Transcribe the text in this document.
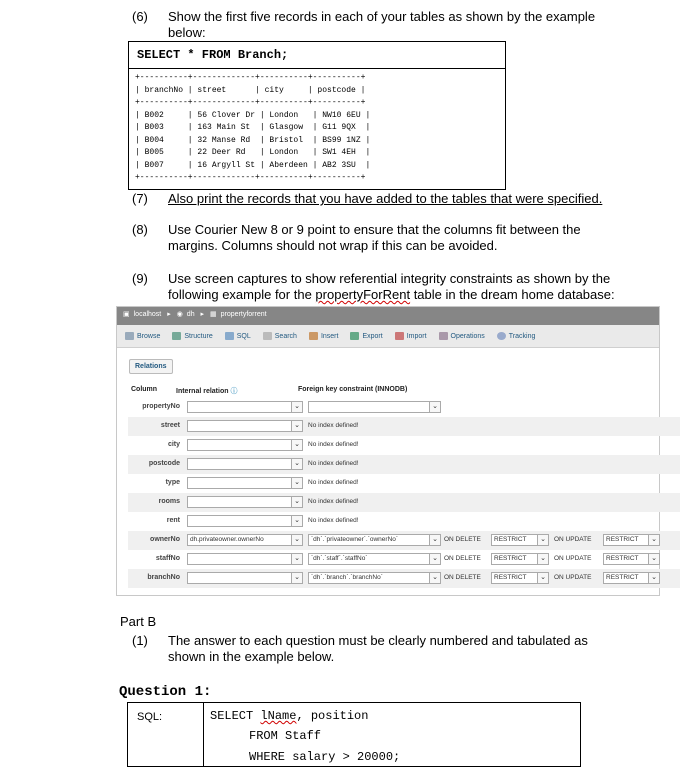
(6) Show the first five records in each of your tables as shown by the example
below:
SELECT * FROM Branch;
+----------+-------------+----------+----------+
| branchNo | street      | city     | postcode |
+----------+-------------+----------+----------+
| B002     | 56 Clover Dr | London   | NW10 6EU |
| B003     | 163 Main St  | Glasgow  | G11 9QX  |
| B004     | 32 Manse Rd  | Bristol  | BS99 1NZ |
| B005     | 22 Deer Rd   | London   | SW1 4EH  |
| B007     | 16 Argyll St | Aberdeen | AB2 3SU  |
+----------+-------------+----------+----------+
(7) Also print the records that you have added to the tables that were specified.
(8) Use Courier New 8 or 9 point to ensure that the columns fit between the
margins. Columns should not wrap if this can be avoided.
(9) Use screen captures to show referential integrity constraints as shown by the
following example for the propertyForRent table in the dream home database:
▣ localhost ▸ ◉ dh ▸ ▦ propertyforrent
Browse	Structure	SQL	Search	Insert	Export	Import	Operations	Tracking
Relations
Column	Internal relation ⓘ	Foreign key constraint (INNODB)
propertyNo	⌄	⌄
street	⌄	No index defined!
city	⌄	No index defined!
postcode	⌄	No index defined!
type	⌄	No index defined!
rooms	⌄	No index defined!
rent	⌄	No index defined!
ownerNo	dh.privateowner.ownerNo	⌄	`dh`.`privateowner`.`ownerNo`	⌄ ON DELETE	RESTRICT	⌄	ON UPDATE	RESTRICT	⌄
staffNo	⌄	`dh`.`staff`.`staffNo`	⌄ ON DELETE	RESTRICT	⌄	ON UPDATE	RESTRICT	⌄
branchNo	⌄	`dh`.`branch`.`branchNo`	⌄ ON DELETE	RESTRICT	⌄	ON UPDATE	RESTRICT	⌄
Part B
(1) The answer to each question must be clearly numbered and tabulated as
shown in the example below.
Question 1:
SQL:	SELECT lName, position
FROM Staff
WHERE salary > 20000;
